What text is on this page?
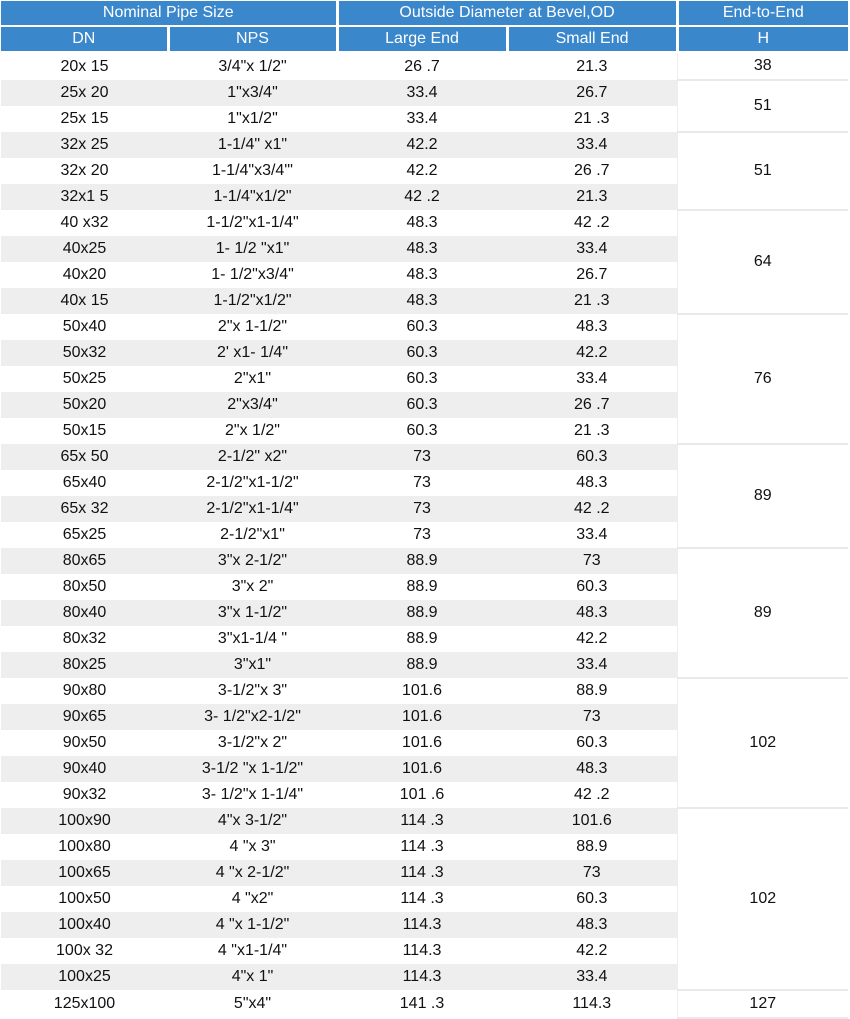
Nominal Pipe Size		Outside Diameter at Bevel,OD		End-to-End
DN	NPS	Large End	Small End	H
20x 15	3/4"x 1/2"	26 .7	21.3	38
25x 20	1"x3/4"	33.4	26.7	51
25x 15	1"x1/2"	33.4	21 .3	
32x 25	1-1/4" x1"	42.2	33.4	51
32x 20	1-1/4"x3/4"'	42.2	26 .7	
32x1 5	1-1/4"x1/2"	42 .2	21.3	
40 x32	1-1/2"x1-1/4"	48.3	42 .2	64
40x25	1- 1/2 "x1"	48.3	33.4	
40x20	1- 1/2"x3/4"	48.3	26.7	
40x 15	1-1/2"x1/2"	48.3	21 .3	
50x40	2"x 1-1/2"	60.3	48.3	76
50x32	2' x1- 1/4"	60.3	42.2	
50x25	2"x1"	60.3	33.4	
50x20	2"x3/4"	60.3	26 .7	
50x15	2"x 1/2"	60.3	21 .3	
65x 50	2-1/2" x2"	73	60.3	89
65x40	2-1/2"x1-1/2"	73	48.3	
65x 32	2-1/2"x1-1/4"	73	42 .2	
65x25	2-1/2"x1"	73	33.4	
80x65	3"x 2-1/2"	88.9	73	89
80x50	3"x 2"	88.9	60.3	
80x40	3"x 1-1/2"	88.9	48.3	
80x32	3"x1-1/4 "	88.9	42.2	
80x25	3"x1"	88.9	33.4	
90x80	3-1/2"x 3"	101.6	88.9	102
90x65	3- 1/2"x2-1/2"	101.6	73	
90x50	3-1/2"x 2"	101.6	60.3	
90x40	3-1/2 "x 1-1/2"	101.6	48.3	
90x32	3- 1/2"x 1-1/4"	101 .6	42 .2	
100x90	4"x 3-1/2"	114 .3	101.6	102
100x80	4 "x 3"	114 .3	88.9	
100x65	4 "x 2-1/2"	114 .3	73	
100x50	4 "x2"	114 .3	60.3	
100x40	4 "x 1-1/2"	114.3	48.3	
100x 32	4 "x1-1/4"	114.3	42.2	
100x25	4"x 1"	114.3	33.4	
125x100	5"x4"	141 .3	114.3	127
